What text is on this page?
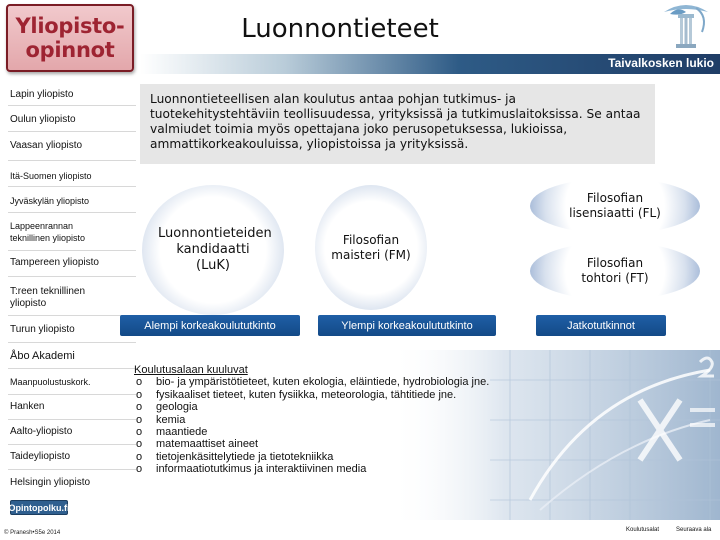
Yliopisto-
opinnot
Luonnontieteet
Taivalkosken lukio
Lapin yliopisto
Oulun yliopisto
Vaasan yliopisto
Itä-Suomen yliopisto
Jyväskylän yliopisto
Lappeenrannan teknillinen yliopisto
Tampereen yliopisto
T:reen teknillinen yliopisto
Turun yliopisto
Åbo Akademi
Maanpuolustuskork.
Hanken
Aalto-yliopisto
Taideyliopisto
Helsingin yliopisto
Opintopolku.fi
© Pranesh•S5e 2014
Luonnontieteellisen alan koulutus antaa pohjan tutkimus- ja tuotekehitystehtäviin teollisuudessa, yrityksissä ja tutkimuslaitoksissa. Se antaa valmiudet toimia myös opettajana joko perusopetuksessa, lukioissa, ammattikorkeakouluissa, yliopistoissa ja yrityksissä.
Luonnontieteiden kandidaatti (LuK)
Filosofian maisteri (FM)
Filosofian lisensiaatti (FL)
Filosofian tohtori (FT)
Alempi korkeakoulututkinto	Ylempi korkeakoulututkinto	Jatkotutkinnot
Koulutusalaan kuuluvat
o	bio- ja ympäristötieteet, kuten ekologia, eläintiede, hydrobiologia jne.
o	fysikaaliset tieteet, kuten fysiikka, meteorologia, tähtitiede jne.
o	geologia
o	kemia
o	maantiede
o	matemaattiset aineet
o	tietojenkäsittelytiede ja tietotekniikka
o	informaatiotutkimus ja interaktiivinen media
Koulutusalat	Seuraava ala
